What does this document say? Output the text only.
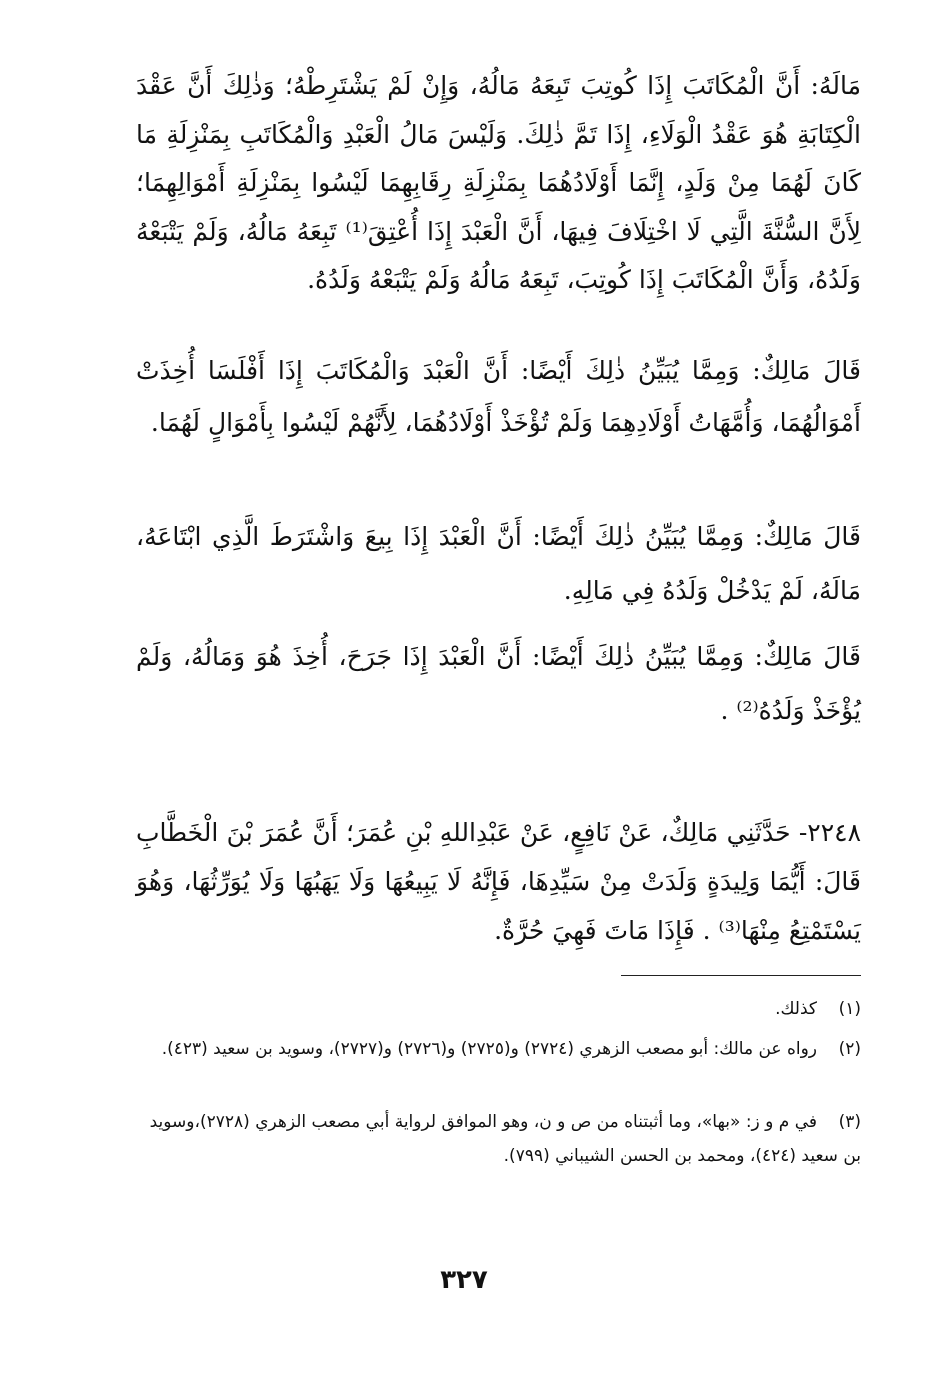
مَالَهُ: أَنَّ الْمُكَاتَبَ إِذَا كُوتِبَ تَبِعَهُ مَالُهُ، وَإِنْ لَمْ يَشْتَرِطْهُ؛ وَذٰلِكَ أَنَّ عَقْدَ الْكِتَابَةِ هُوَ عَقْدُ الْوَلَاءِ، إِذَا تَمَّ ذٰلِكَ. وَلَيْسَ مَالُ الْعَبْدِ وَالْمُكَاتَبِ بِمَنْزِلَةِ مَا كَانَ لَهُمَا مِنْ وَلَدٍ، إِنَّمَا أَوْلَادُهُمَا بِمَنْزِلَةِ رِقَابِهِمَا لَيْسُوا بِمَنْزِلَةِ أَمْوَالِهِمَا؛ لِأَنَّ السُّنَّةَ الَّتِي لَا اخْتِلَافَ فِيهَا، أَنَّ الْعَبْدَ إِذَا أُعْتِقَ⁽¹⁾ تَبِعَهُ مَالُهُ، وَلَمْ يَتْبَعْهُ وَلَدُهُ، وَأَنَّ الْمُكَاتَبَ إِذَا كُوتِبَ، تَبِعَهُ مَالُهُ وَلَمْ يَتْبَعْهُ وَلَدُهُ.
قَالَ مَالِكٌ: وَمِمَّا يُبَيِّنُ ذٰلِكَ أَيْضًا: أَنَّ الْعَبْدَ وَالْمُكَاتَبَ إِذَا أَفْلَسَا أُخِذَتْ أَمْوَالُهُمَا، وَأُمَّهَاتُ أَوْلَادِهِمَا وَلَمْ تُؤْخَذْ أَوْلَادُهُمَا، لِأَنَّهُمْ لَيْسُوا بِأَمْوَالٍ لَهُمَا.
قَالَ مَالِكٌ: وَمِمَّا يُبَيِّنُ ذٰلِكَ أَيْضًا: أَنَّ الْعَبْدَ إِذَا بِيعَ وَاشْتَرَطَ الَّذِي ابْتَاعَهُ، مَالَهُ، لَمْ يَدْخُلْ وَلَدُهُ فِي مَالِهِ.
قَالَ مَالِكٌ: وَمِمَّا يُبَيِّنُ ذٰلِكَ أَيْضًا: أَنَّ الْعَبْدَ إِذَا جَرَحَ، أُخِذَ هُوَ وَمَالُهُ، وَلَمْ يُؤْخَذْ وَلَدُهُ⁽²⁾ .
٢٢٤٨- حَدَّثَنِي مَالِكٌ، عَنْ نَافِعٍ، عَنْ عَبْدِاللهِ بْنِ عُمَرَ؛ أَنَّ عُمَرَ بْنَ الْخَطَّابِ قَالَ: أَيُّمَا وَلِيدَةٍ وَلَدَتْ مِنْ سَيِّدِهَا، فَإِنَّهُ لَا يَبِيعُهَا وَلَا يَهَبُهَا وَلَا يُوَرِّثُهَا، وَهُوَ يَسْتَمْتِعُ مِنْهَا⁽³⁾ . فَإِذَا مَاتَ فَهِيَ حُرَّةٌ.
(١)كذلك.
(٢)رواه عن مالك: أبو مصعب الزهري (٢٧٢٤) و(٢٧٢٥) و(٢٧٢٦) و(٢٧٢٧)، وسويد بن سعيد (٤٢٣).
(٣)في م و ز: «بها»، وما أثبتناه من ص و ن، وهو الموافق لرواية أبي مصعب الزهري (٢٧٢٨)،وسويد بن سعيد (٤٢٤)، ومحمد بن الحسن الشيباني (٧٩٩).
٣٢٧
